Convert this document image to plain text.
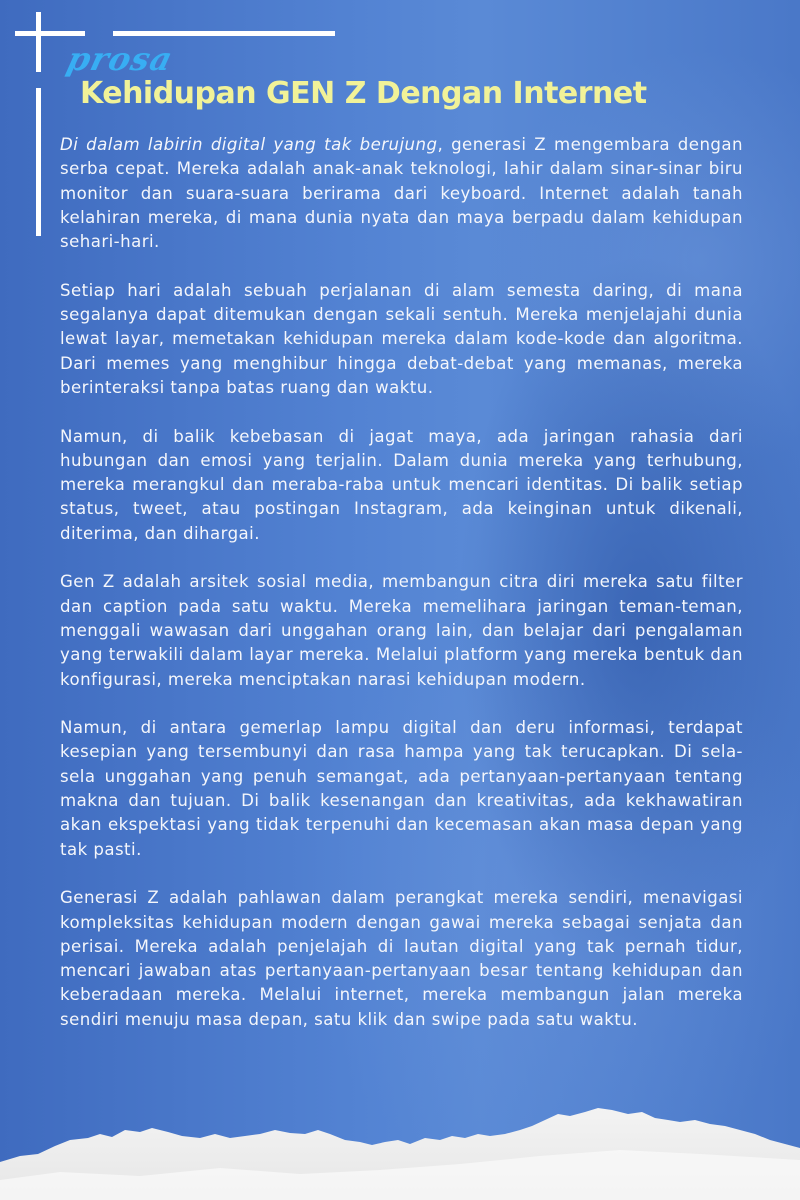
prosa
Kehidupan GEN Z Dengan Internet

Di dalam labirin digital yang tak berujung, generasi Z mengembara dengan serba cepat. Mereka adalah anak-anak teknologi, lahir dalam sinar-sinar biru monitor dan suara-suara berirama dari keyboard. Internet adalah tanah kelahiran mereka, di mana dunia nyata dan maya berpadu dalam kehidupan sehari-hari.

Setiap hari adalah sebuah perjalanan di alam semesta daring, di mana segalanya dapat ditemukan dengan sekali sentuh. Mereka menjelajahi dunia lewat layar, memetakan kehidupan mereka dalam kode-kode dan algoritma. Dari memes yang menghibur hingga debat-debat yang memanas, mereka berinteraksi tanpa batas ruang dan waktu.

Namun, di balik kebebasan di jagat maya, ada jaringan rahasia dari hubungan dan emosi yang terjalin. Dalam dunia mereka yang terhubung, mereka merangkul dan meraba-raba untuk mencari identitas. Di balik setiap status, tweet, atau postingan Instagram, ada keinginan untuk dikenali, diterima, dan dihargai.

Gen Z adalah arsitek sosial media, membangun citra diri mereka satu filter dan caption pada satu waktu. Mereka memelihara jaringan teman-teman, menggali wawasan dari unggahan orang lain, dan belajar dari pengalaman yang terwakili dalam layar mereka. Melalui platform yang mereka bentuk dan konfigurasi, mereka menciptakan narasi kehidupan modern.

Namun, di antara gemerlap lampu digital dan deru informasi, terdapat kesepian yang tersembunyi dan rasa hampa yang tak terucapkan. Di sela-sela unggahan yang penuh semangat, ada pertanyaan-pertanyaan tentang makna dan tujuan. Di balik kesenangan dan kreativitas, ada kekhawatiran akan ekspektasi yang tidak terpenuhi dan kecemasan akan masa depan yang tak pasti.

Generasi Z adalah pahlawan dalam perangkat mereka sendiri, menavigasi kompleksitas kehidupan modern dengan gawai mereka sebagai senjata dan perisai. Mereka adalah penjelajah di lautan digital yang tak pernah tidur, mencari jawaban atas pertanyaan-pertanyaan besar tentang kehidupan dan keberadaan mereka. Melalui internet, mereka membangun jalan mereka sendiri menuju masa depan, satu klik dan swipe pada satu waktu.
